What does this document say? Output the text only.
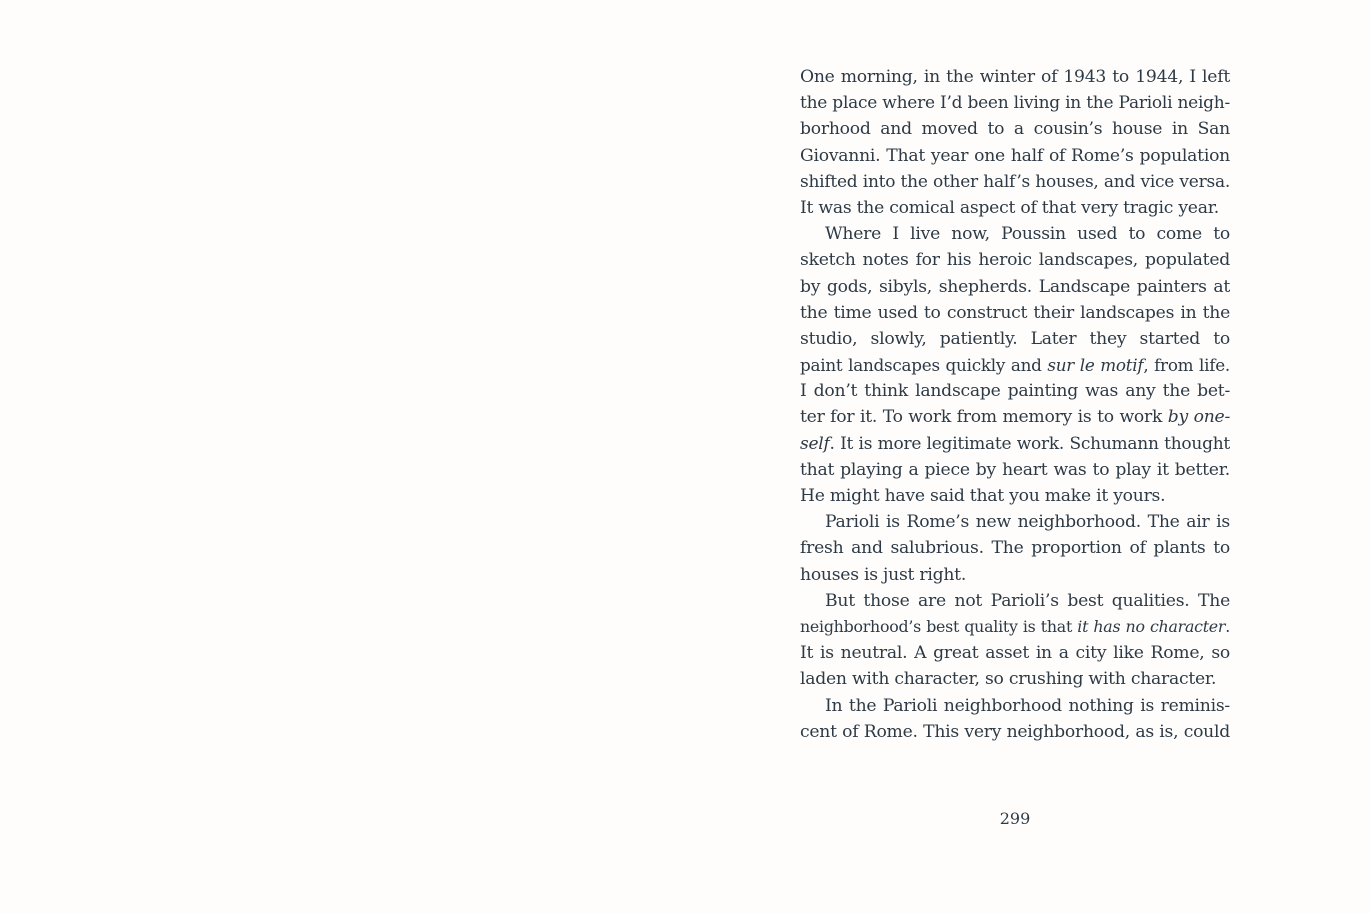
One morning, in the winter of 1943 to 1944, I left
the place where I’d been living in the Parioli neigh-
borhood and moved to a cousin’s house in San
Giovanni. That year one half of Rome’s population
shifted into the other half’s houses, and vice versa.
It was the comical aspect of that very tragic year.
Where I live now, Poussin used to come to
sketch notes for his heroic landscapes, populated
by gods, sibyls, shepherds. Landscape painters at
the time used to construct their landscapes in the
studio, slowly, patiently. Later they started to
paint landscapes quickly and sur le motif, from life.
I don’t think landscape painting was any the bet-
ter for it. To work from memory is to work by one-
self. It is more legitimate work. Schumann thought
that playing a piece by heart was to play it better.
He might have said that you make it yours.
Parioli is Rome’s new neighborhood. The air is
fresh and salubrious. The proportion of plants to
houses is just right.
But those are not Parioli’s best qualities. The
neighborhood’s best quality is that it has no character.
It is neutral. A great asset in a city like Rome, so
laden with character, so crushing with character.
In the Parioli neighborhood nothing is reminis-
cent of Rome. This very neighborhood, as is, could
299
